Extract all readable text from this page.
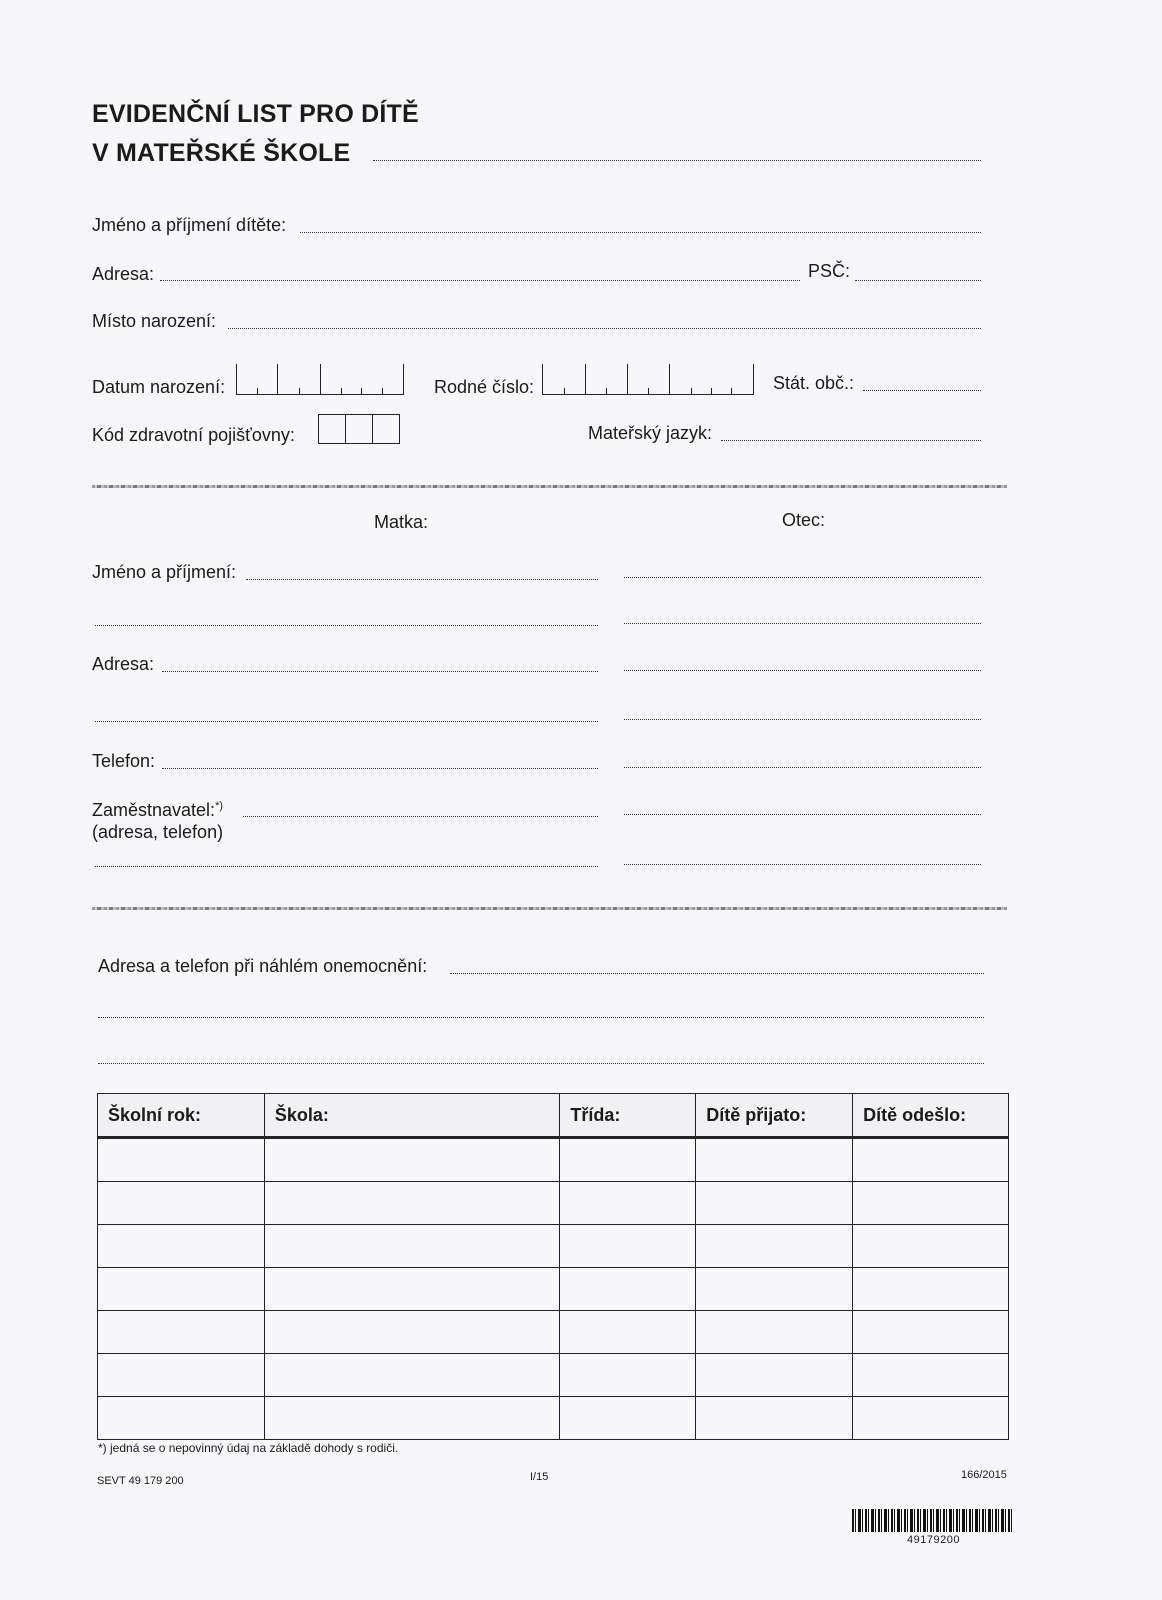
EVIDENČNÍ LIST PRO DÍTĚ
V MATEŘSKÉ ŠKOLE
Jméno a příjmení dítěte:
Adresa:	PSČ:
Místo narození:
Datum narození:	Rodné číslo:	Stát. obč.:
Kód zdravotní pojišťovny:	Mateřský jazyk:
Matka:	Otec:
Jméno a příjmení:
Adresa:
Telefon:
Zaměstnavatel:*)
(adresa, telefon)
Adresa a telefon při náhlém onemocnění:
Školní rok:	Škola:	Třída:	Dítě přijato:	Dítě odešlo:

*) jedná se o nepovinný údaj na základě dohody s rodiči.
SEVT 49 179 200	I/15	166/2015
49179200
